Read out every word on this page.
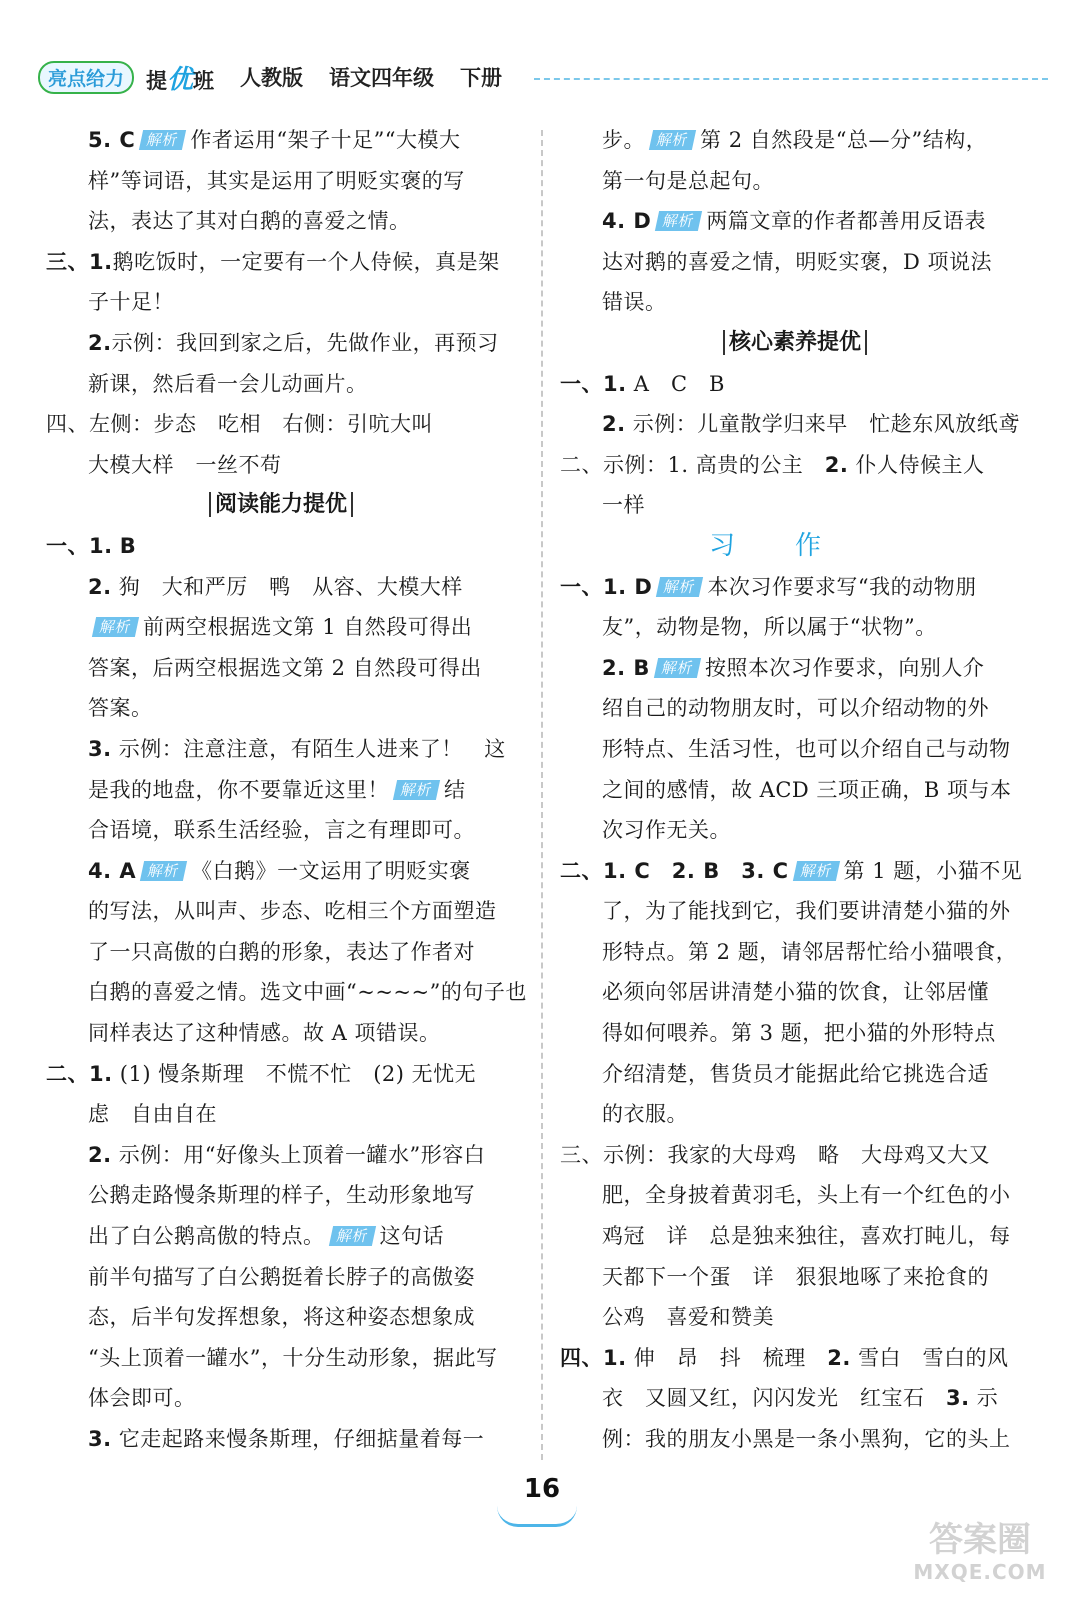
亮点给力	提优班 人教版 语文四年级 下册
5. C 解析 作者运用“架子十足”“大模大
样”等词语，其实是运用了明贬实褒的写
法，表达了其对白鹅的喜爱之情。
三、1.鹅吃饭时，一定要有一个人侍候，真是架
子十足！
2.示例：我回到家之后，先做作业，再预习
新课，然后看一会儿动画片。
四、左侧：步态　吃相　右侧：引吭大叫
大模大样　一丝不苟
阅读能力提优
一、1. B
2. 狗　大和严厉　鸭　从容、大模大样
解析 前两空根据选文第 1 自然段可得出
答案，后两空根据选文第 2 自然段可得出
答案。
3. 示例：注意注意，有陌生人进来了！　这
是我的地盘，你不要靠近这里！ 解析 结
合语境，联系生活经验，言之有理即可。
4. A 解析 《白鹅》一文运用了明贬实褒
的写法，从叫声、步态、吃相三个方面塑造
了一只高傲的白鹅的形象，表达了作者对
白鹅的喜爱之情。选文中画“~~~~”的句子也
同样表达了这种情感。故 A 项错误。
二、1. (1) 慢条斯理　不慌不忙　(2) 无忧无
虑　自由自在
2. 示例：用“好像头上顶着一罐水”形容白
公鹅走路慢条斯理的样子，生动形象地写
出了白公鹅高傲的特点。 解析 这句话
前半句描写了白公鹅挺着长脖子的高傲姿
态，后半句发挥想象，将这种姿态想象成
“头上顶着一罐水”，十分生动形象，据此写
体会即可。
3. 它走起路来慢条斯理，仔细掂量着每一
步。 解析 第 2 自然段是“总—分”结构，
第一句是总起句。
4. D 解析 两篇文章的作者都善用反语表
达对鹅的喜爱之情，明贬实褒，D 项说法
错误。
核心素养提优
一、1. A　C　B
2. 示例：儿童散学归来早　忙趁东风放纸鸢
二、示例：1. 高贵的公主　 2. 仆人侍候主人
一样
习作
一、1. D 解析 本次习作要求写“我的动物朋
友”，动物是物，所以属于“状物”。
2. B 解析 按照本次习作要求，向别人介
绍自己的动物朋友时，可以介绍动物的外
形特点、生活习性，也可以介绍自己与动物
之间的感情，故 ACD 三项正确，B 项与本
次习作无关。
二、1. C　2. B　3. C 解析 第 1 题，小猫不见
了，为了能找到它，我们要讲清楚小猫的外
形特点。第 2 题，请邻居帮忙给小猫喂食，
必须向邻居讲清楚小猫的饮食，让邻居懂
得如何喂养。第 3 题，把小猫的外形特点
介绍清楚，售货员才能据此给它挑选合适
的衣服。
三、示例：我家的大母鸡　略　大母鸡又大又
肥，全身披着黄羽毛，头上有一个红色的小
鸡冠　详　总是独来独往，喜欢打盹儿，每
天都下一个蛋　详　狠狠地啄了来抢食的
公鸡　喜爱和赞美
四、1. 伸　昂　抖　梳理　 2. 雪白　雪白的风
衣　又圆又红，闪闪发光　红宝石　 3. 示
例：我的朋友小黑是一条小黑狗，它的头上
16
答案圈
MXQE.COM
